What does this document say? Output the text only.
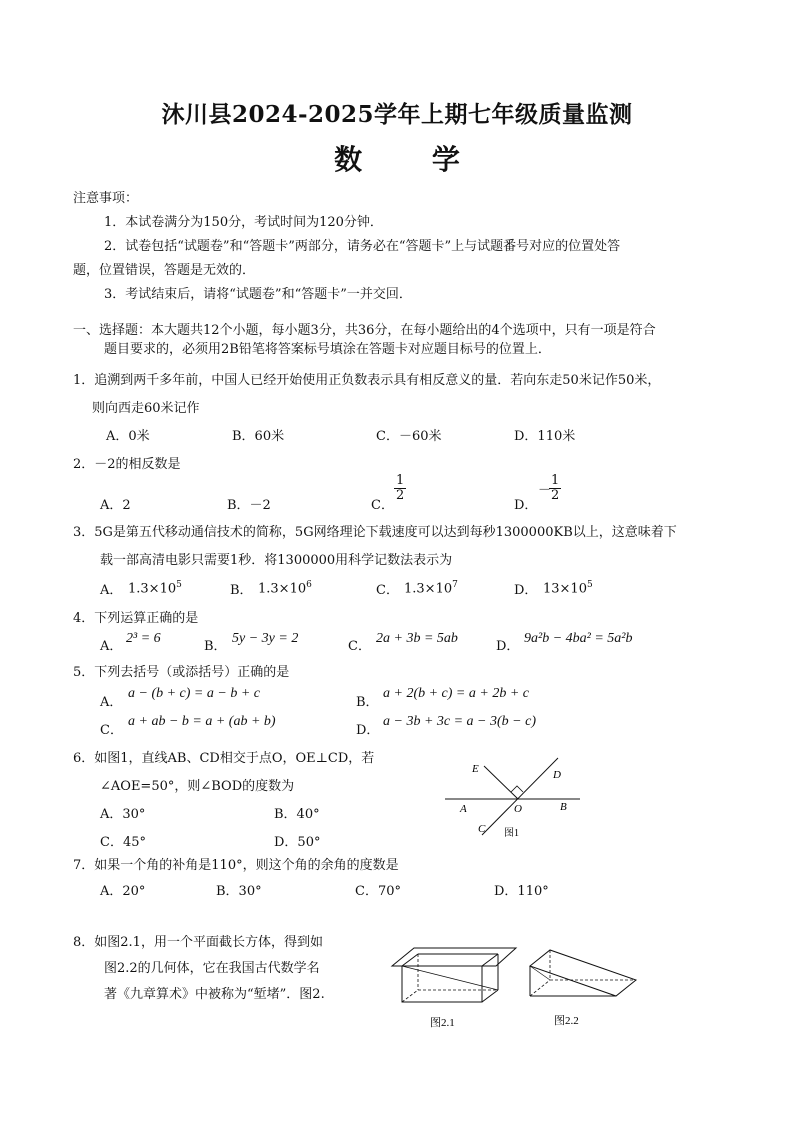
沐川县2024-2025学年上期七年级质量监测
数 学
注意事项：
1．本试卷满分为150分，考试时间为120分钟．
2．试卷包括“试题卷”和“答题卡”两部分，请务必在“答题卡”上与试题番号对应的位置处答
题，位置错误，答题是无效的．
3．考试结束后，请将“试题卷”和“答题卡”一并交回．
一、选择题：本大题共12个小题，每小题3分，共36分，在每小题给出的4个选项中，只有一项是符合
题目要求的，必须用2B铅笔将答案标号填涂在答题卡对应题目标号的位置上．
1．追溯到两千多年前，中国人已经开始使用正负数表示具有相反意义的量．若向东走50米记作50米，
则向西走60米记作
A．0米	B．60米	C．－60米	D．110米
2．－2的相反数是
A．2	B．－2	C．
$\frac{1}{2}$
D．
－
$\frac{1}{2}$
3．5G是第五代移动通信技术的简称，5G网络理论下载速度可以达到每秒1300000KB以上，这意味着下
载一部高清电影只需要1秒．将1300000用科学记数法表示为
A． $1.3\times 10^5$	B． $1.3\times 10^6$	C． $1.3\times 10^7$	D． $13\times 10^5$
4．下列运算正确的是
A．
2³ = 6
B．
5y − 3y = 2
C．
2a + 3b = 5ab
D．
9a²b − 4ba² = 5a²b
5．下列去括号（或添括号）正确的是
A．
a − (b + c) = a − b + c
B．
a + 2(b + c) = a + 2b + c
C．
a + ab − b = a + (ab + b)
D．
a − 3b + 3c = a − 3(b − c)
6．如图1，直线AB、CD相交于点O，OE⊥CD，若
∠AOE=50°，则∠BOD的度数为
A．30°	B．40°
C．45°	D．50°
E	D
A	O	B
C 图1
7．如果一个角的补角是110°，则这个角的余角的度数是
A．20°	B．30°	C．70°	D．110°
8．如图2.1，用一个平面截长方体，得到如
图2.2的几何体，它在我国古代数学名
著《九章算术》中被称为“堑堵”．图2.
图2.1	图2.2
